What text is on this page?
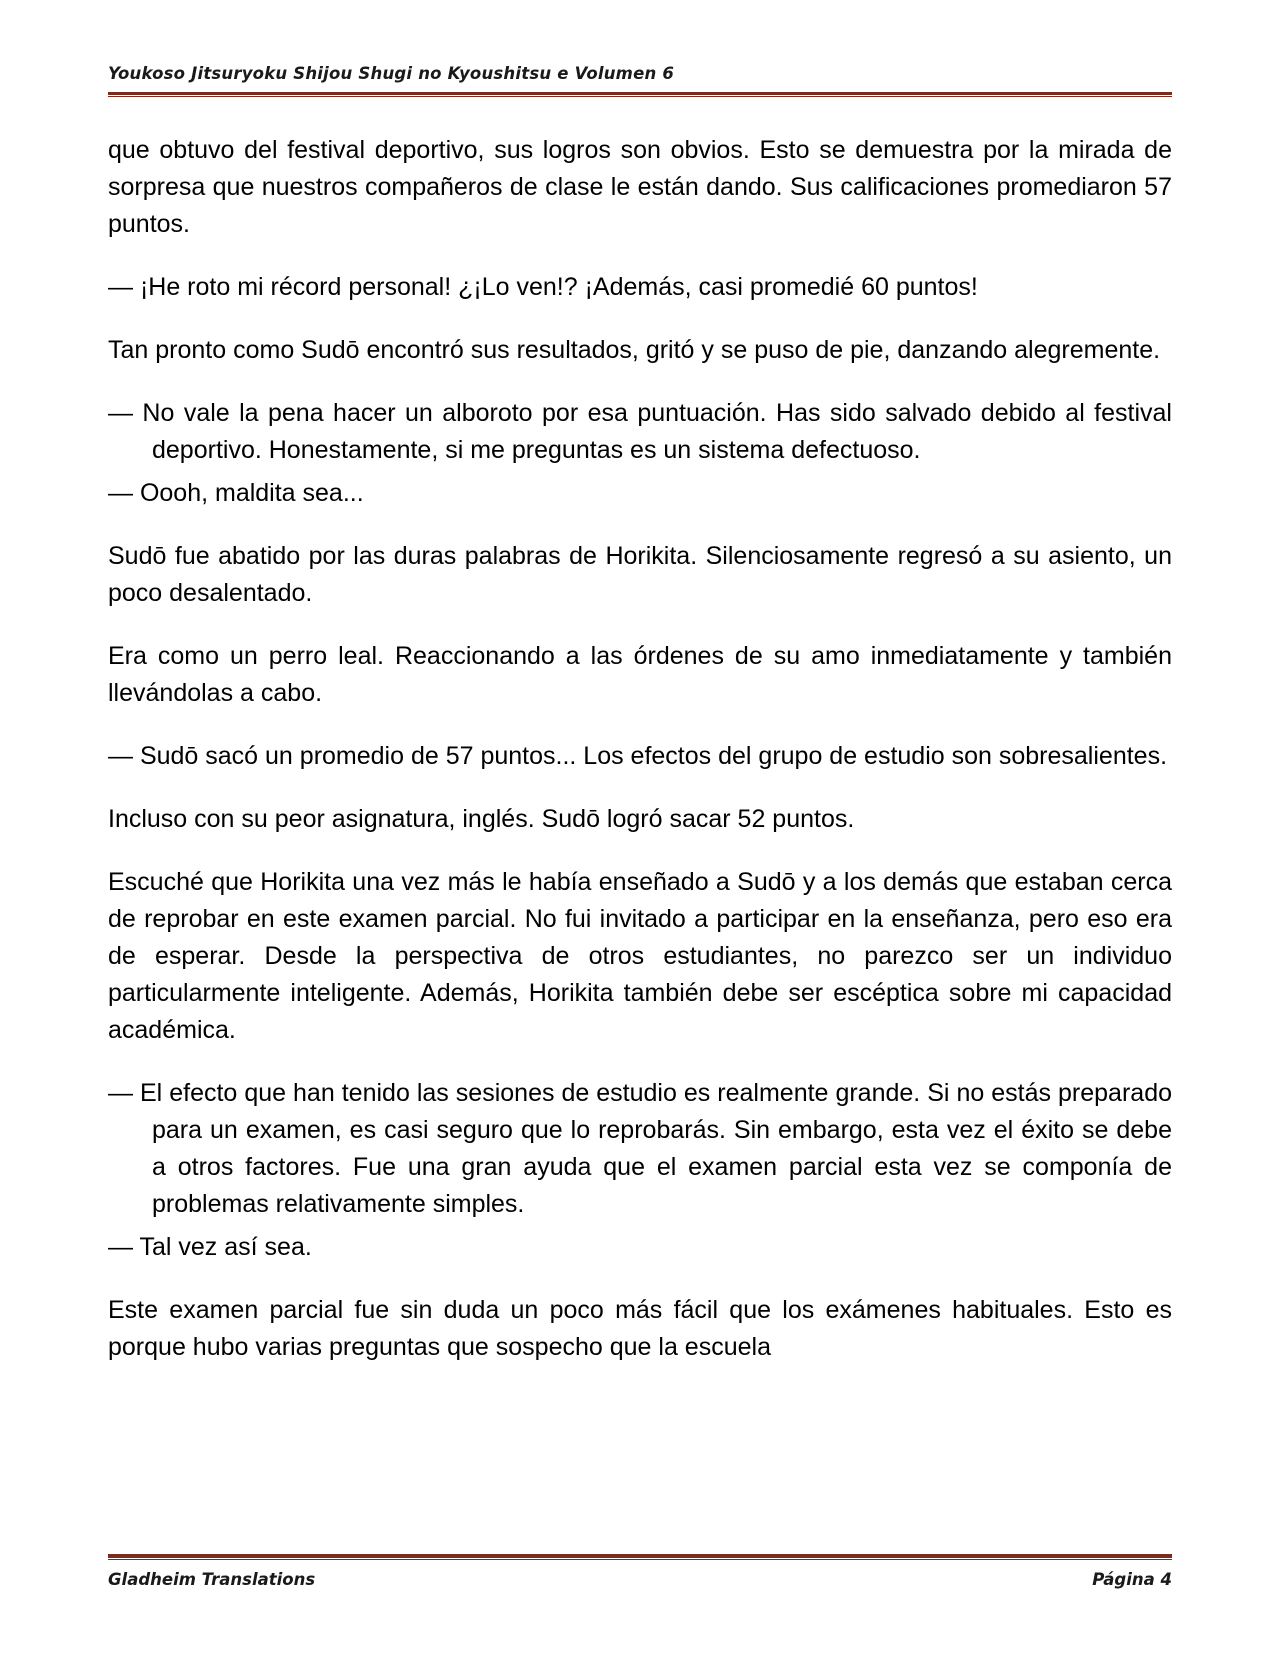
Youkoso Jitsuryoku Shijou Shugi no Kyoushitsu e Volumen 6

que obtuvo del festival deportivo, sus logros son obvios. Esto se demuestra por la mirada de sorpresa que nuestros compañeros de clase le están dando. Sus calificaciones promediaron 57 puntos.

— ¡He roto mi récord personal! ¿¡Lo ven!? ¡Además, casi promedié 60 puntos!

Tan pronto como Sudō encontró sus resultados, gritó y se puso de pie, danzando alegremente.

— No vale la pena hacer un alboroto por esa puntuación. Has sido salvado debido al festival deportivo. Honestamente, si me preguntas es un sistema defectuoso.

— Oooh, maldita sea...

Sudō fue abatido por las duras palabras de Horikita. Silenciosamente regresó a su asiento, un poco desalentado.

Era como un perro leal. Reaccionando a las órdenes de su amo inmediatamente y también llevándolas a cabo.

— Sudō sacó un promedio de 57 puntos... Los efectos del grupo de estudio son sobresalientes.

Incluso con su peor asignatura, inglés. Sudō logró sacar 52 puntos.

Escuché que Horikita una vez más le había enseñado a Sudō y a los demás que estaban cerca de reprobar en este examen parcial. No fui invitado a participar en la enseñanza, pero eso era de esperar. Desde la perspectiva de otros estudiantes, no parezco ser un individuo particularmente inteligente. Además, Horikita también debe ser escéptica sobre mi capacidad académica.

— El efecto que han tenido las sesiones de estudio es realmente grande. Si no estás preparado para un examen, es casi seguro que lo reprobarás. Sin embargo, esta vez el éxito se debe a otros factores. Fue una gran ayuda que el examen parcial esta vez se componía de problemas relativamente simples.

— Tal vez así sea.

Este examen parcial fue sin duda un poco más fácil que los exámenes habituales. Esto es porque hubo varias preguntas que sospecho que la escuela

Gladheim Translations	Página 4
